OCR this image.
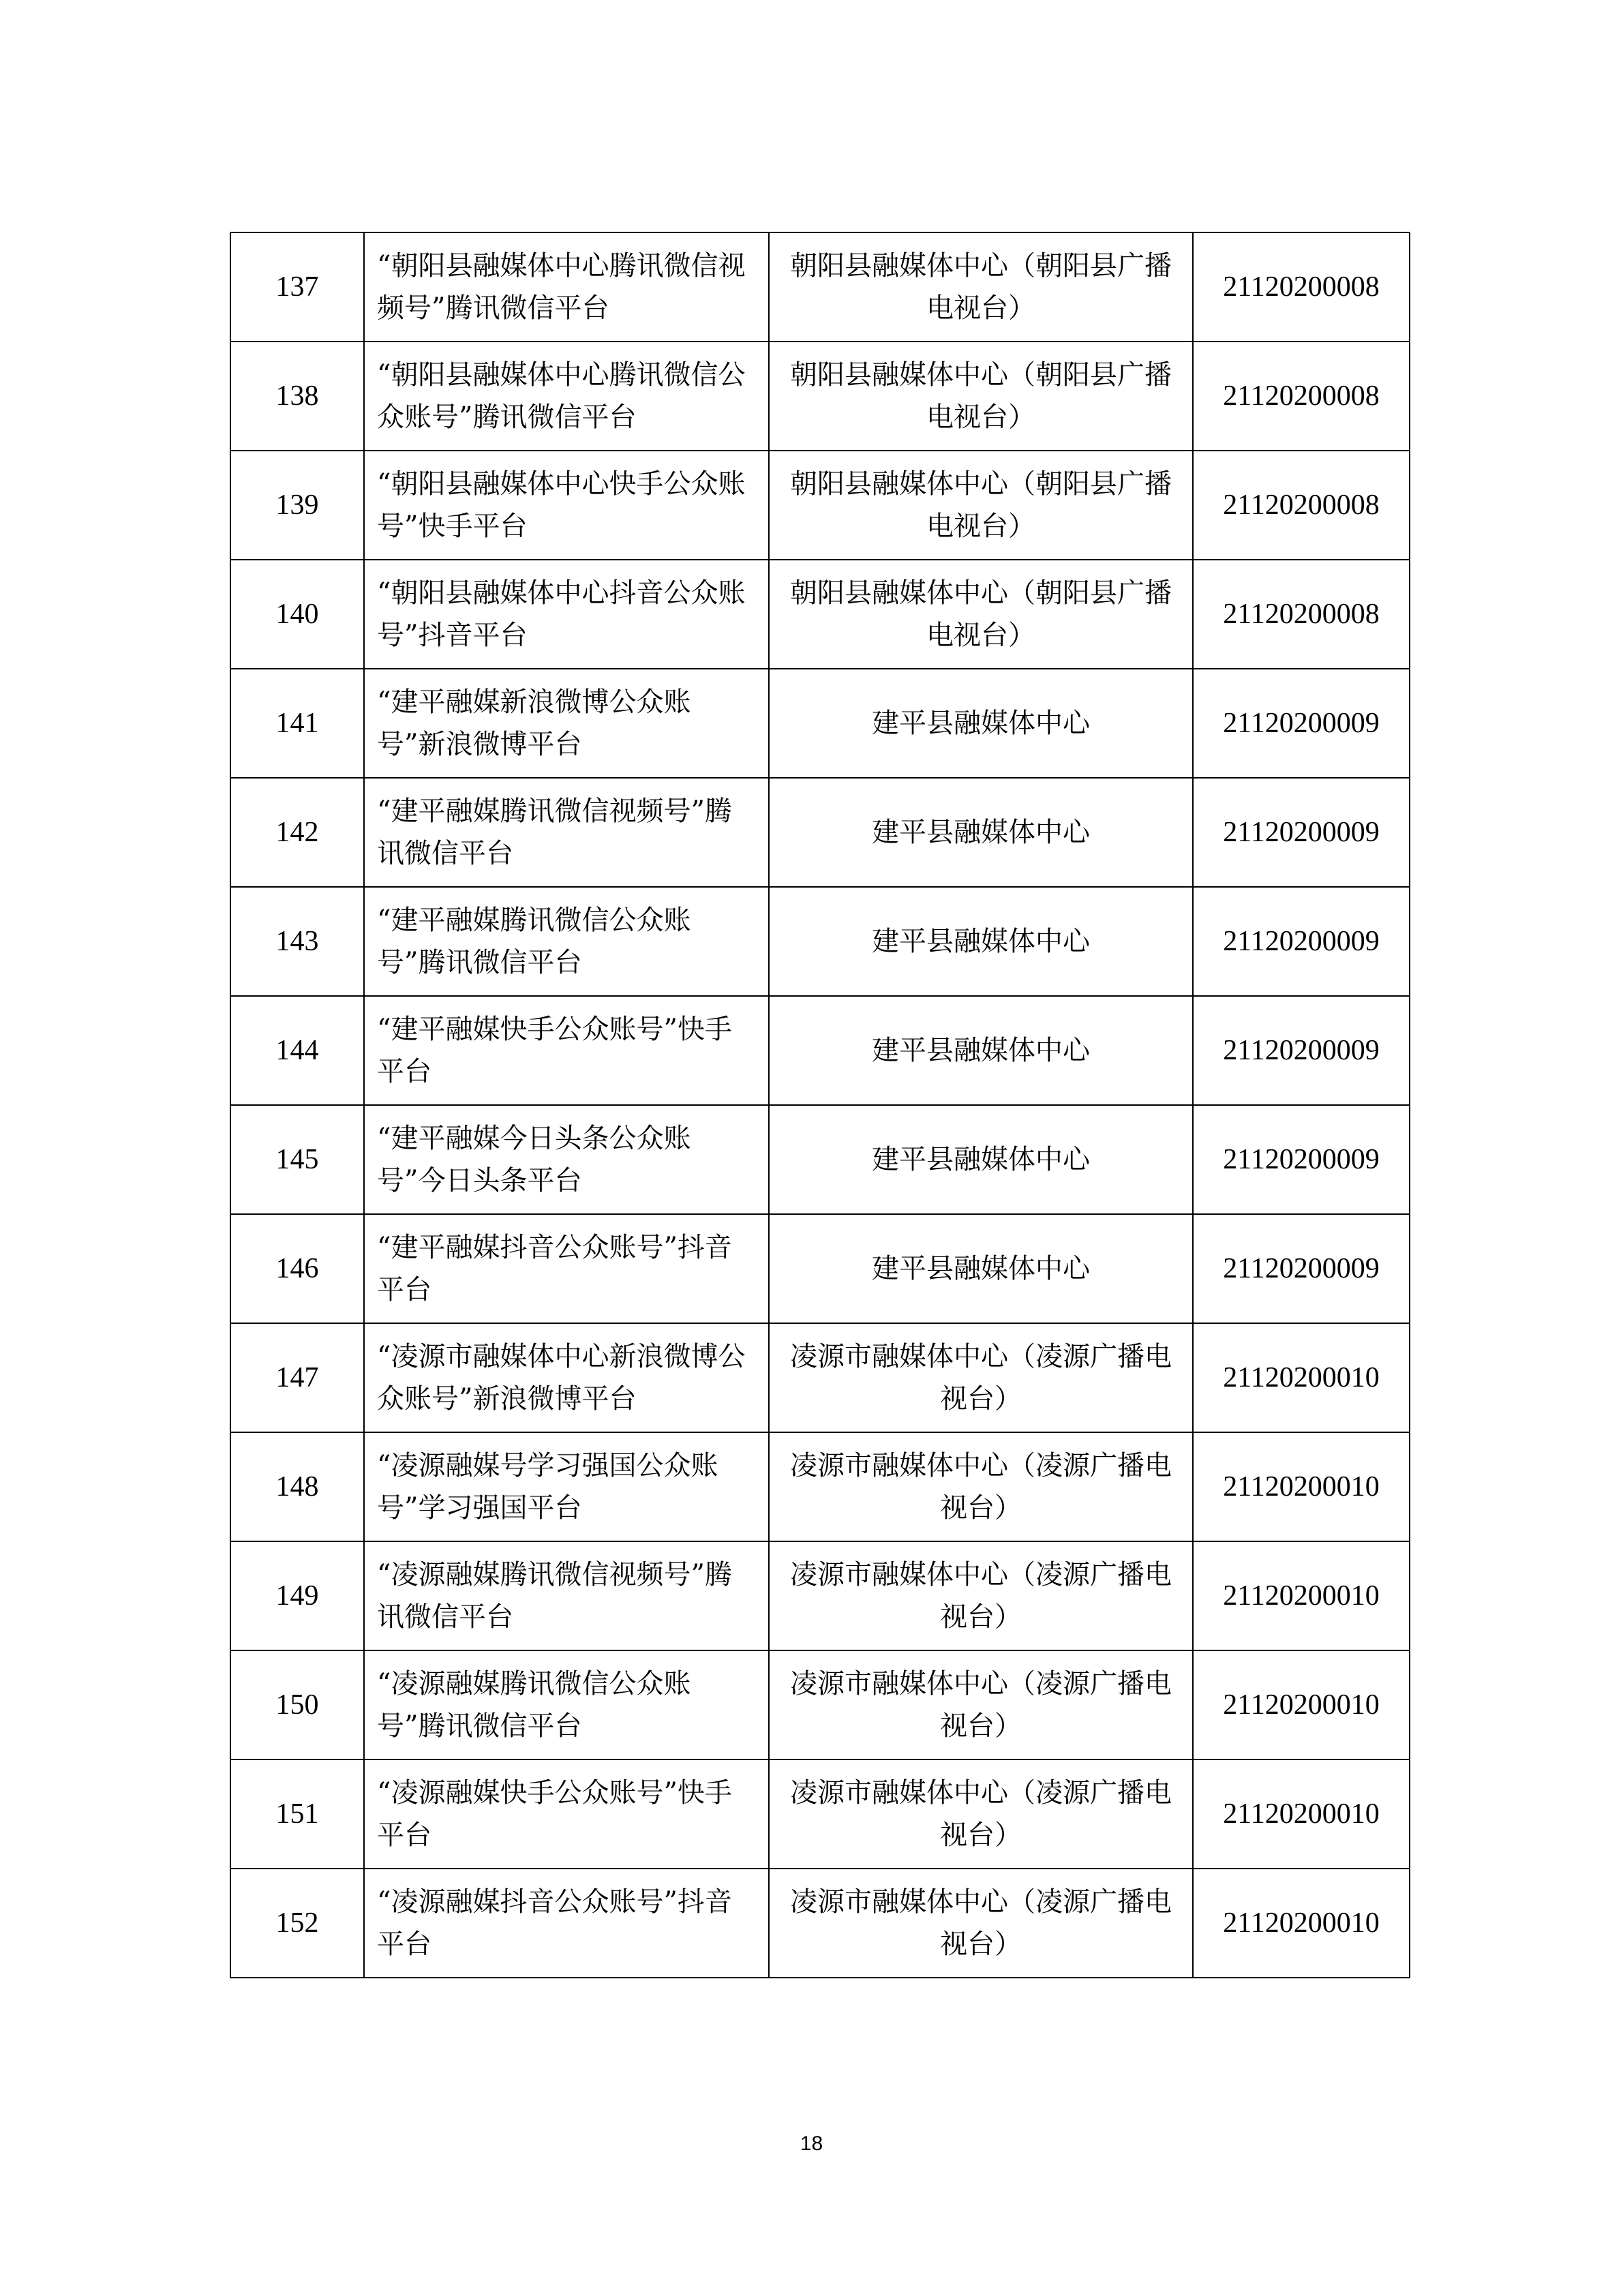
137	“朝阳县融媒体中心腾讯微信视频号”腾讯微信平台	朝阳县融媒体中心（朝阳县广播电视台）	21120200008
138	“朝阳县融媒体中心腾讯微信公众账号”腾讯微信平台	朝阳县融媒体中心（朝阳县广播电视台）	21120200008
139	“朝阳县融媒体中心快手公众账号”快手平台	朝阳县融媒体中心（朝阳县广播电视台）	21120200008
140	“朝阳县融媒体中心抖音公众账号”抖音平台	朝阳县融媒体中心（朝阳县广播电视台）	21120200008
141	“建平融媒新浪微博公众账号”新浪微博平台	建平县融媒体中心	21120200009
142	“建平融媒腾讯微信视频号”腾讯微信平台	建平县融媒体中心	21120200009
143	“建平融媒腾讯微信公众账号”腾讯微信平台	建平县融媒体中心	21120200009
144	“建平融媒快手公众账号”快手平台	建平县融媒体中心	21120200009
145	“建平融媒今日头条公众账号”今日头条平台	建平县融媒体中心	21120200009
146	“建平融媒抖音公众账号”抖音平台	建平县融媒体中心	21120200009
147	“凌源市融媒体中心新浪微博公众账号”新浪微博平台	凌源市融媒体中心（凌源广播电视台）	21120200010
148	“凌源融媒号学习强国公众账号”学习强国平台	凌源市融媒体中心（凌源广播电视台）	21120200010
149	“凌源融媒腾讯微信视频号”腾讯微信平台	凌源市融媒体中心（凌源广播电视台）	21120200010
150	“凌源融媒腾讯微信公众账号”腾讯微信平台	凌源市融媒体中心（凌源广播电视台）	21120200010
151	“凌源融媒快手公众账号”快手平台	凌源市融媒体中心（凌源广播电视台）	21120200010
152	“凌源融媒抖音公众账号”抖音平台	凌源市融媒体中心（凌源广播电视台）	21120200010
18
